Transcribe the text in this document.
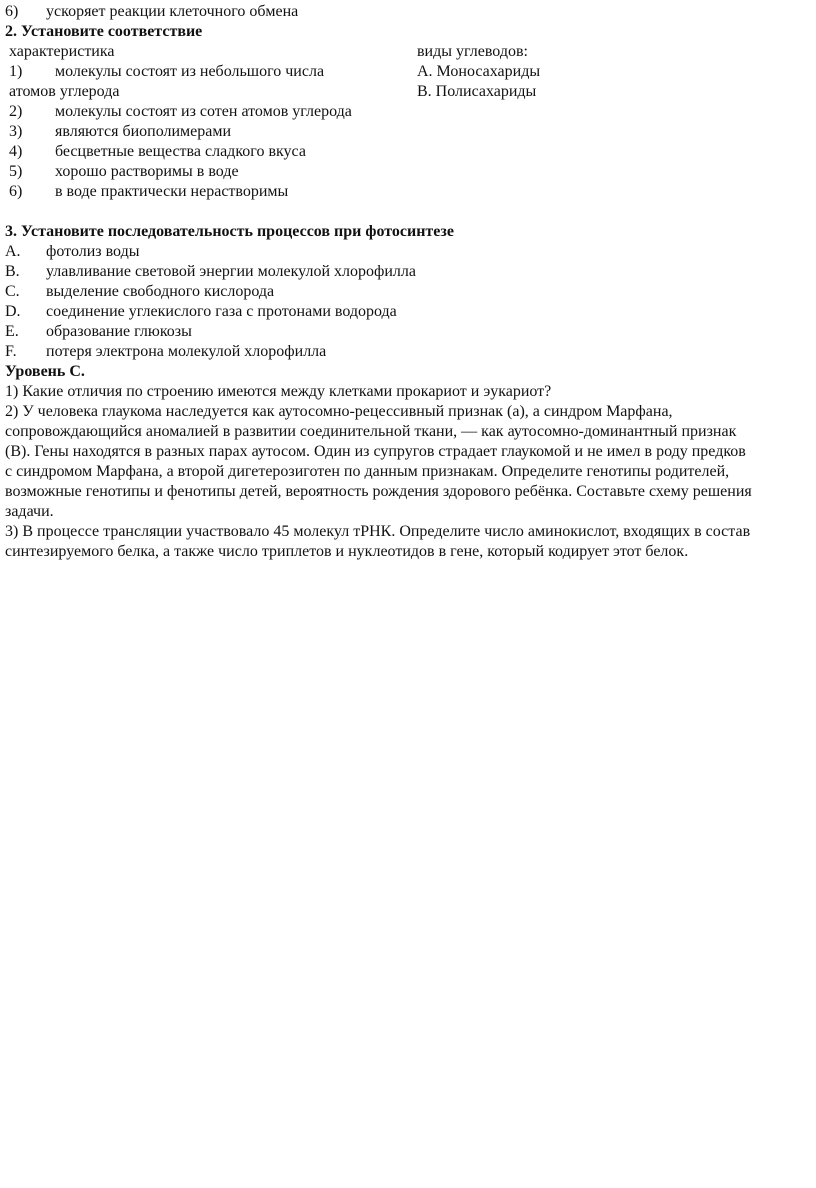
6) ускоряет реакции клеточного обмена
2. Установите соответствие
характеристика	виды углеводов:
1) молекулы состоят из небольшого числа	А. Моносахариды
атомов углерода	В. Полисахариды
2) молекулы состоят из сотен атомов углерода
3) являются биополимерами
4) бесцветные вещества сладкого вкуса
5) хорошо растворимы в воде
6) в воде практически нерастворимы
3. Установите последовательность процессов при фотосинтезе
A. фотолиз воды
B. улавливание световой энергии молекулой хлорофилла
C. выделение свободного кислорода
D. соединение углекислого газа с протонами водорода
E. образование глюкозы
F. потеря электрона молекулой хлорофилла
Уровень С.
1) Какие отличия по строению имеются между клетками прокариот и эукариот?
2) У человека глаукома наследуется как аутосомно-рецессивный признак (а), а синдром Марфана,
сопровождающийся аномалией в развитии соединительной ткани, — как аутосомно-доминантный признак
(В). Гены находятся в разных парах аутосом. Один из супругов страдает глаукомой и не имел в роду предков
с синдромом Марфана, а второй дигетерозиготен по данным признакам. Определите генотипы родителей,
возможные генотипы и фенотипы детей, вероятность рождения здорового ребёнка. Составьте схему решения
задачи.
3) В процессе трансляции участвовало 45 молекул тРНК. Определите число аминокислот, входящих в состав
синтезируемого белка, а также число триплетов и нуклеотидов в гене, который кодирует этот белок.
